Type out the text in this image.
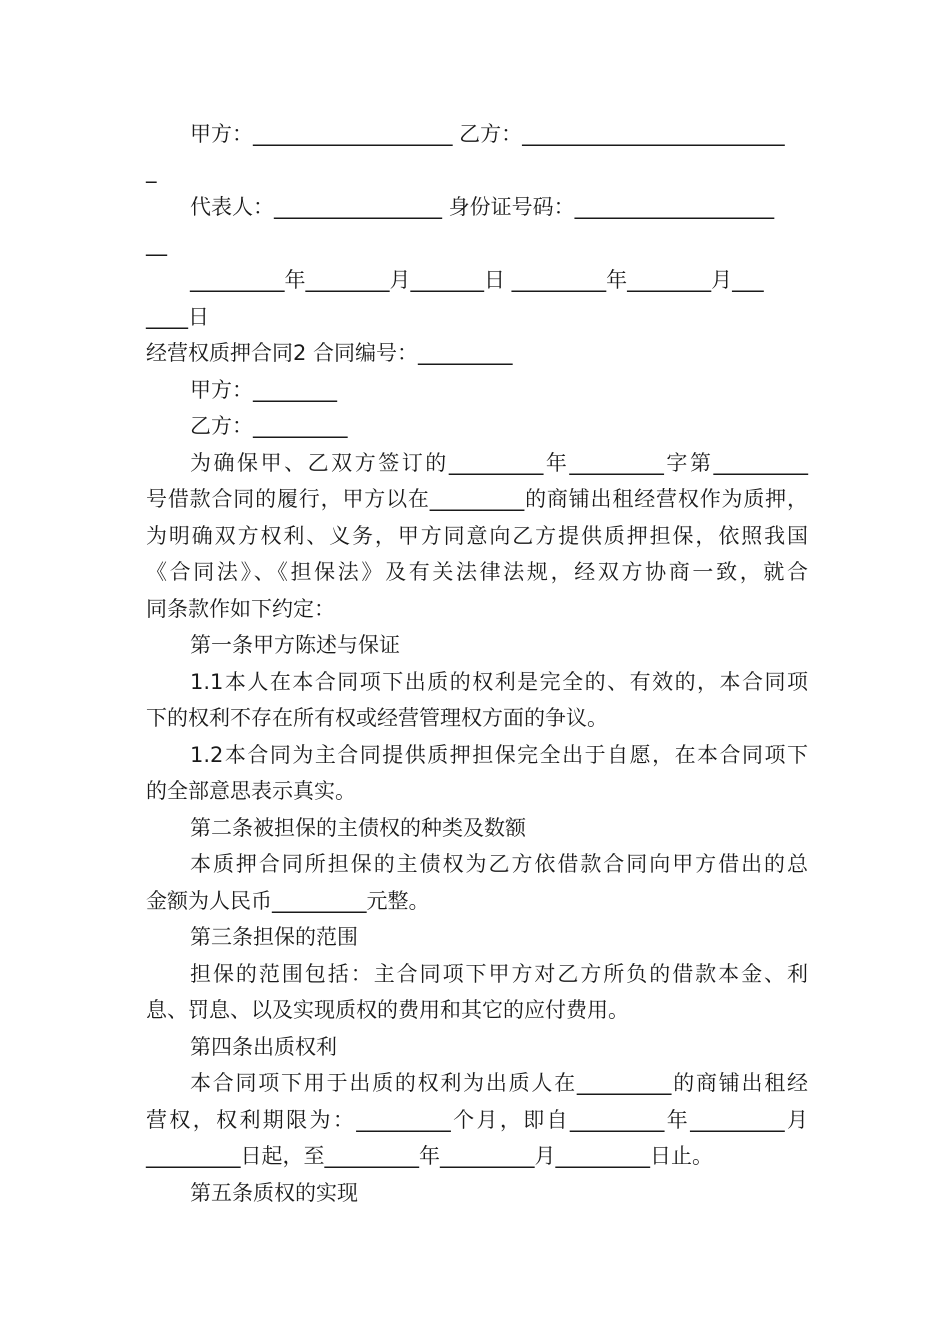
甲方：___________________ 乙方：_________________________
_
代表人：________________ 身份证号码：___________________
__
_________年________月_______日 _________年________月___
____日
经营权质押合同2 合同编号：_________
甲方：________
乙方：_________
为确保甲、乙双方签订的_________年_________字第_________
号借款合同的履行，甲方以在_________的商铺出租经营权作为质押，
为明确双方权利、义务，甲方同意向乙方提供质押担保，依照我国
《合同法》、《担保法》及有关法律法规，经双方协商一致，就合
同条款作如下约定：
第一条甲方陈述与保证
1.1本人在本合同项下出质的权利是完全的、有效的，本合同项
下的权利不存在所有权或经营管理权方面的争议。
1.2本合同为主合同提供质押担保完全出于自愿，在本合同项下
的全部意思表示真实。
第二条被担保的主债权的种类及数额
本质押合同所担保的主债权为乙方依借款合同向甲方借出的总
金额为人民币_________元整。
第三条担保的范围
担保的范围包括：主合同项下甲方对乙方所负的借款本金、利
息、罚息、以及实现质权的费用和其它的应付费用。
第四条出质权利
本合同项下用于出质的权利为出质人在_________的商铺出租经
营权，权利期限为：_________个月，即自_________年_________月
_________日起，至_________年_________月_________日止。
第五条质权的实现
